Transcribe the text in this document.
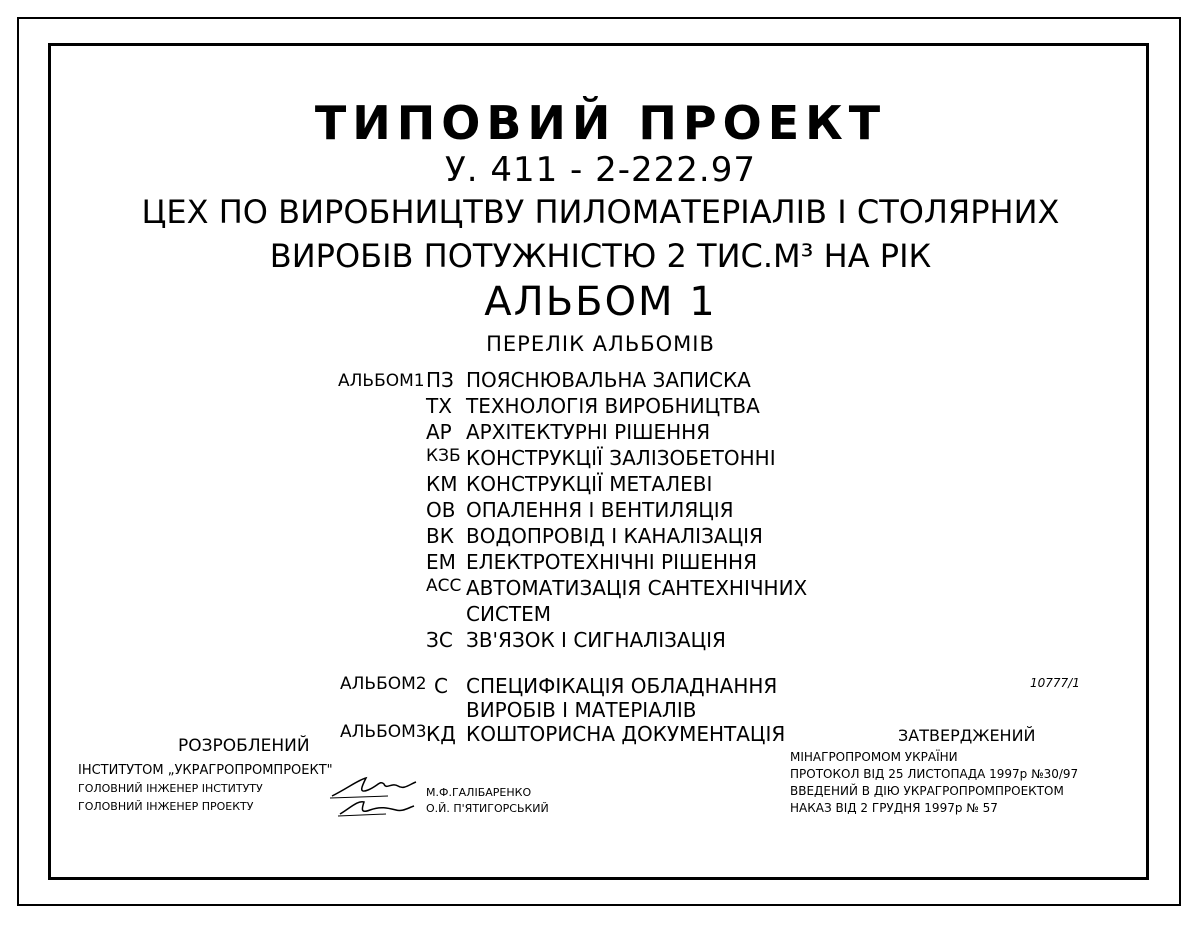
ТИПОВИЙ ПРОЕКТ
У. 411 - 2-222.97
ЦЕХ ПО ВИРОБНИЦТВУ ПИЛОМАТЕРІАЛІВ І СТОЛЯРНИХ
ВИРОБІВ ПОТУЖНІСТЮ 2 ТИС.М³ НА РІК
АЛЬБОМ 1
ПЕРЕЛІК АЛЬБОМІВ
АЛЬБОМ1
АЛЬБОМ2
АЛЬБОМ3
ПЗ
ТХ
АР
КЗБ
КМ
ОВ
ВК
ЕМ
АСС
ЗС
С
КД
ПОЯСНЮВАЛЬНА ЗАПИСКА
ТЕХНОЛОГІЯ ВИРОБНИЦТВА
АРХІТЕКТУРНІ РІШЕННЯ
КОНСТРУКЦІЇ ЗАЛІЗОБЕТОННІ
КОНСТРУКЦІЇ МЕТАЛЕВІ
ОПАЛЕННЯ І ВЕНТИЛЯЦІЯ
ВОДОПРОВІД І КАНАЛІЗАЦІЯ
ЕЛЕКТРОТЕХНІЧНІ РІШЕННЯ
АВТОМАТИЗАЦІЯ САНТЕХНІЧНИХ
СИСТЕМ
ЗВ'ЯЗОК І СИГНАЛІЗАЦІЯ
СПЕЦИФІКАЦІЯ ОБЛАДНАННЯ
ВИРОБІВ І МАТЕРІАЛІВ
КОШТОРИСНА ДОКУМЕНТАЦІЯ
10777/1
РОЗРОБЛЕНИЙ
ІНСТИТУТОМ „УКРАГРОПРОМПРОЕКТ"
ГОЛОВНИЙ ІНЖЕНЕР ІНСТИТУТУ
ГОЛОВНИЙ ІНЖЕНЕР ПРОЕКТУ
М.Ф.ГАЛІБАРЕНКО
О.Й. П'ЯТИГОРСЬКИЙ
ЗАТВЕРДЖЕНИЙ
МІНАГРОПРОМОМ УКРАЇНИ
ПРОТОКОЛ ВІД 25 ЛИСТОПАДА 1997р №30/97
ВВЕДЕНИЙ В ДІЮ УКРАГРОПРОМПРОЕКТОМ
НАКАЗ ВІД 2 ГРУДНЯ 1997р № 57
